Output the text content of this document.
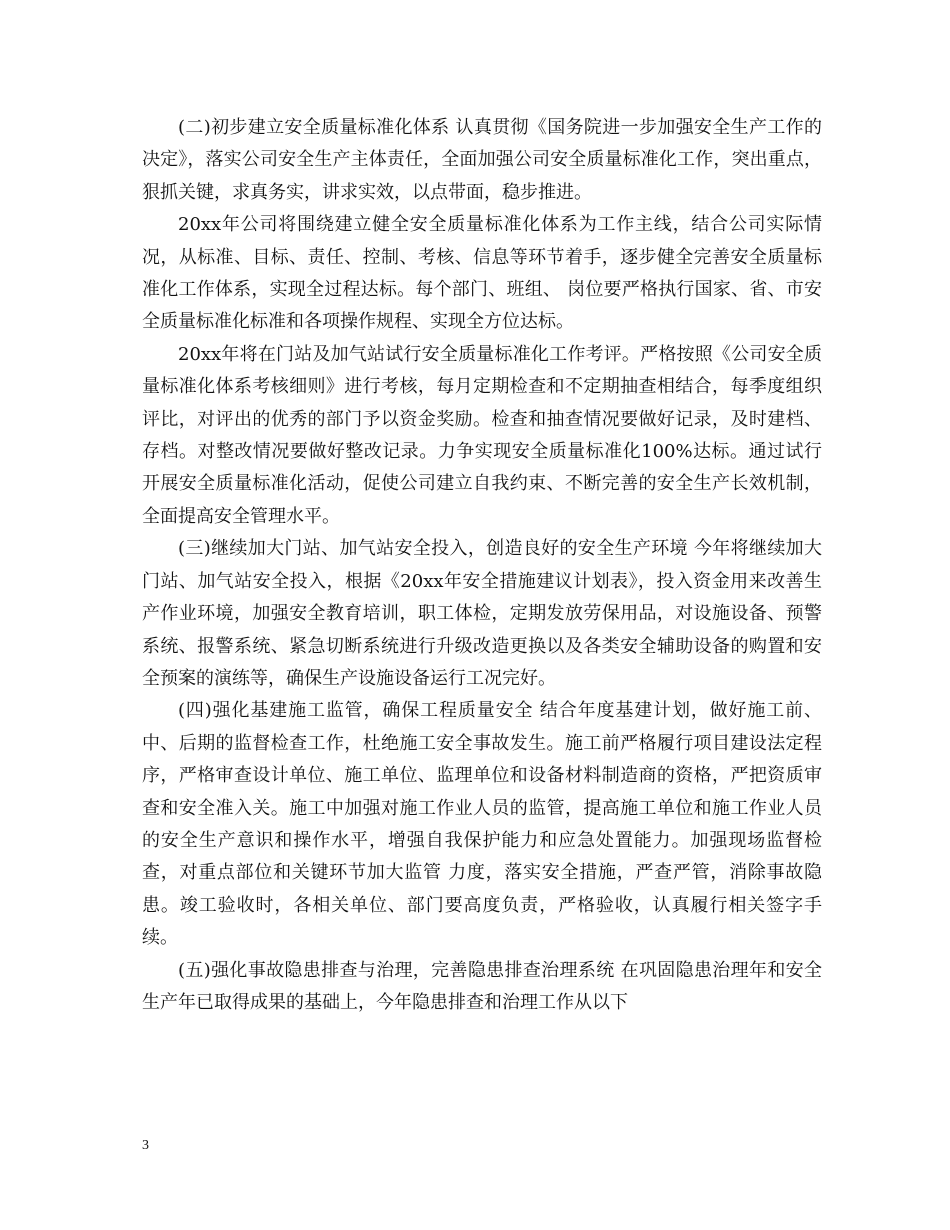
(二)初步建立安全质量标准化体系 认真贯彻《国务院进一步加强安全生产工作的决定》，落实公司安全生产主体责任，全面加强公司安全质量标准化工作，突出重点，狠抓关键，求真务实，讲求实效，以点带面，稳步推进。

20xx年公司将围绕建立健全安全质量标准化体系为工作主线，结合公司实际情况，从标准、目标、责任、控制、考核、信息等环节着手，逐步健全完善安全质量标准化工作体系，实现全过程达标。每个部门、班组、 岗位要严格执行国家、省、市安全质量标准化标准和各项操作规程、实现全方位达标。

20xx年将在门站及加气站试行安全质量标准化工作考评。严格按照《公司安全质量标准化体系考核细则》进行考核，每月定期检查和不定期抽查相结合，每季度组织评比，对评出的优秀的部门予以资金奖励。检查和抽查情况要做好记录，及时建档、存档。对整改情况要做好整改记录。力争实现安全质量标准化100%达标。通过试行开展安全质量标准化活动，促使公司建立自我约束、不断完善的安全生产长效机制，全面提高安全管理水平。

(三)继续加大门站、加气站安全投入，创造良好的安全生产环境 今年将继续加大门站、加气站安全投入，根据《20xx年安全措施建议计划表》，投入资金用来改善生产作业环境，加强安全教育培训，职工体检，定期发放劳保用品，对设施设备、预警系统、报警系统、紧急切断系统进行升级改造更换以及各类安全辅助设备的购置和安全预案的演练等，确保生产设施设备运行工况完好。

(四)强化基建施工监管，确保工程质量安全 结合年度基建计划，做好施工前、中、后期的监督检查工作，杜绝施工安全事故发生。施工前严格履行项目建设法定程序，严格审查设计单位、施工单位、监理单位和设备材料制造商的资格，严把资质审查和安全准入关。施工中加强对施工作业人员的监管，提高施工单位和施工作业人员的安全生产意识和操作水平，增强自我保护能力和应急处置能力。加强现场监督检查，对重点部位和关键环节加大监管 力度，落实安全措施，严查严管，消除事故隐患。竣工验收时，各相关单位、部门要高度负责，严格验收，认真履行相关签字手续。

(五)强化事故隐患排查与治理，完善隐患排查治理系统 在巩固隐患治理年和安全生产年已取得成果的基础上，今年隐患排查和治理工作从以下

3
